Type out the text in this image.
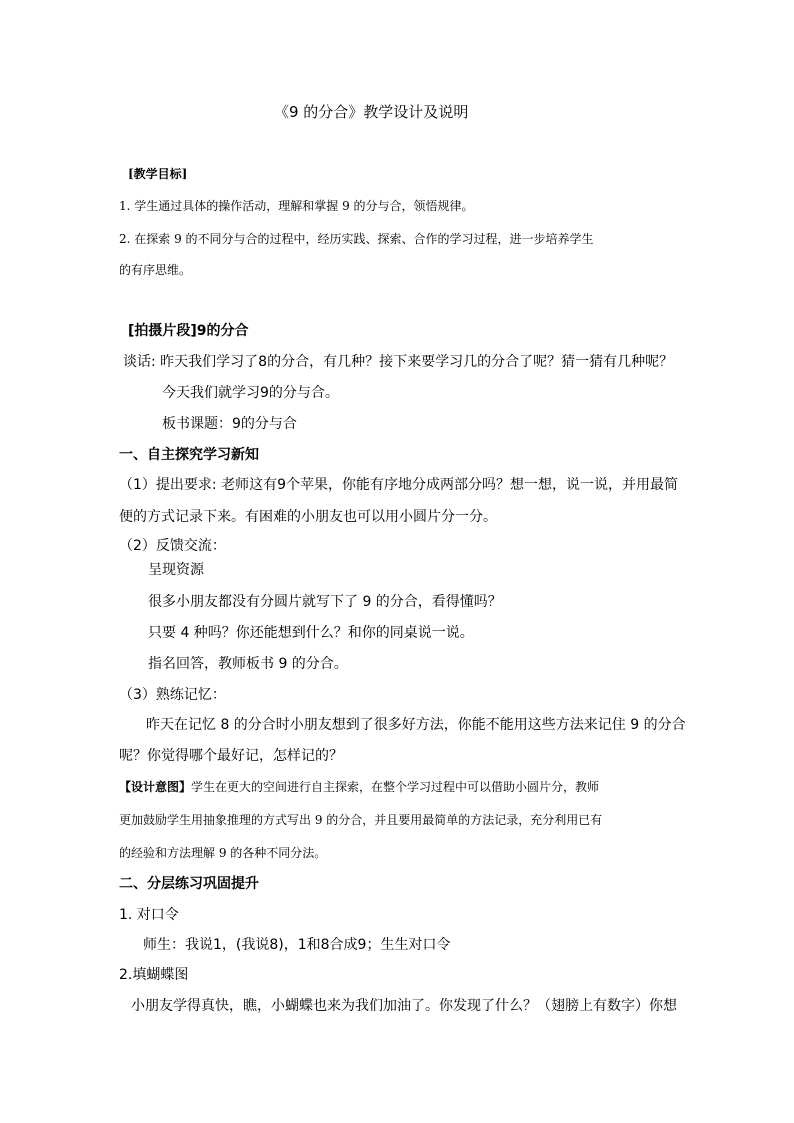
《9 的分合》教学设计及说明
[教学目标]
1. 学生通过具体的操作活动，理解和掌握 9 的分与合，领悟规律。
2. 在探索 9 的不同分与合的过程中，经历实践、探索、合作的学习过程，进一步培养学生
的有序思维。
[拍摄片段]9的分合
谈话: 昨天我们学习了8的分合，有几种？接下来要学习几的分合了呢？猜一猜有几种呢？
今天我们就学习9的分与合。
板书课题：9的分与合
一、自主探究学习新知
（1）提出要求: 老师这有9个苹果，你能有序地分成两部分吗？想一想，说一说，并用最简
便的方式记录下来。有困难的小朋友也可以用小圆片分一分。
（2）反馈交流：
呈现资源
很多小朋友都没有分圆片就写下了 9 的分合，看得懂吗？
只要 4 种吗？你还能想到什么？和你的同桌说一说。
指名回答，教师板书 9 的分合。
（3）熟练记忆：
昨天在记忆 8 的分合时小朋友想到了很多好方法，你能不能用这些方法来记住 9 的分合
呢？你觉得哪个最好记，怎样记的？
【设计意图】学生在更大的空间进行自主探索，在整个学习过程中可以借助小圆片分，教师
更加鼓励学生用抽象推理的方式写出 9 的分合，并且要用最简单的方法记录，充分利用已有
的经验和方法理解 9 的各种不同分法。
二、分层练习巩固提升
1. 对口令
师生：我说1，(我说8)，1和8合成9；生生对口令
2.填蝴蝶图
小朋友学得真快，瞧，小蝴蝶也来为我们加油了。你发现了什么？（翅膀上有数字）你想
